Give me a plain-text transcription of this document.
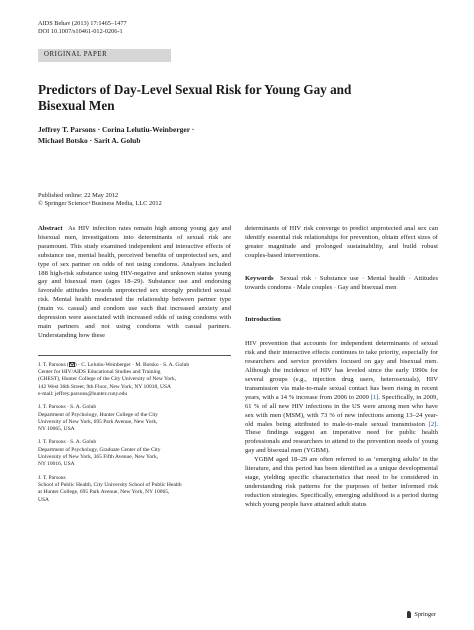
AIDS Behav (2013) 17:1465–1477
DOI 10.1007/s10461-012-0206-1
ORIGINAL PAPER
Predictors of Day-Level Sexual Risk for Young Gay and Bisexual Men
Jeffrey T. Parsons · Corina Lelutiu-Weinberger ·
Michael Botsko · Sarit A. Golub
Published online: 22 May 2012
© Springer Science+Business Media, LLC 2012

Abstract As HIV infection rates remain high among young gay and bisexual men, investigations into determinants of sexual risk are paramount. This study examined independent and interactive effects of substance use, mental health, perceived benefits of unprotected sex, and type of sex partner on odds of not using condoms. Analyses included 188 high-risk substance using HIV-negative and unknown status young gay and bisexual men (ages 18–29). Substance use and endorsing favorable attitudes towards unprotected sex strongly predicted sexual risk. Mental health moderated the relationship between partner type (main vs. casual) and condom use such that increased anxiety and depression were associated with increased odds of using condoms with main partners and not using condoms with casual partners. Understanding how these

J. T. Parsons ( ) · C. Lelutiu-Weinberger · M. Botsko · S. A. Golub
Center for HIV/AIDS Educational Studies and Training
(CHEST), Hunter College of the City University of New York,
142 West 36th Street, 9th Floor, New York, NY 10018, USA
e-mail: jeffrey.parsons@hunter.cuny.edu
J. T. Parsons · S. A. Golub
Department of Psychology, Hunter College of the City
University of New York, 695 Park Avenue, New York,
NY 10065, USA
J. T. Parsons · S. A. Golub
Department of Psychology, Graduate Center of the City
University of New York, 365 Fifth Avenue, New York,
NY 10016, USA
J. T. Parsons
School of Public Health, City University School of Public Health
at Hunter College, 695 Park Avenue, New York, NY 10065,
USA

determinants of HIV risk converge to predict unprotected anal sex can identify essential risk relationships for prevention, obtain effect sizes of greater magnitude and prolonged sustainability, and build robust couples-based interventions.

Keywords Sexual risk · Substance use · Mental health · Attitudes towards condoms · Male couples · Gay and bisexual men

Introduction

HIV prevention that accounts for independent determinants of sexual risk and their interactive effects continues to take priority, especially for researchers and service providers focused on gay and bisexual men. Although the incidence of HIV has leveled since the early 1990s for several groups (e.g., injection drug users, heterosexuals), HIV transmission via male-to-male sexual contact has been rising in recent years, with a 14 % increase from 2006 to 2009 [1]. Specifically, in 2009, 61 % of all new HIV infections in the US were among men who have sex with men (MSM), with 73 % of new infections among 13–24 year-old males being attributed to male-to-male sexual transmission [2]. These findings suggest an imperative need for public health professionals and researchers to attend to the prevention needs of young gay and bisexual men (YGBM).

YGBM aged 18–29 are often referred to as ‘emerging adults’ in the literature, and this period has been identified as a unique developmental stage, yielding specific characteristics that need to be considered in understanding risk patterns for the purposes of better informed risk reduction strategies. Specifically, emerging adulthood is a period during which young people have attained adult status

Springer
